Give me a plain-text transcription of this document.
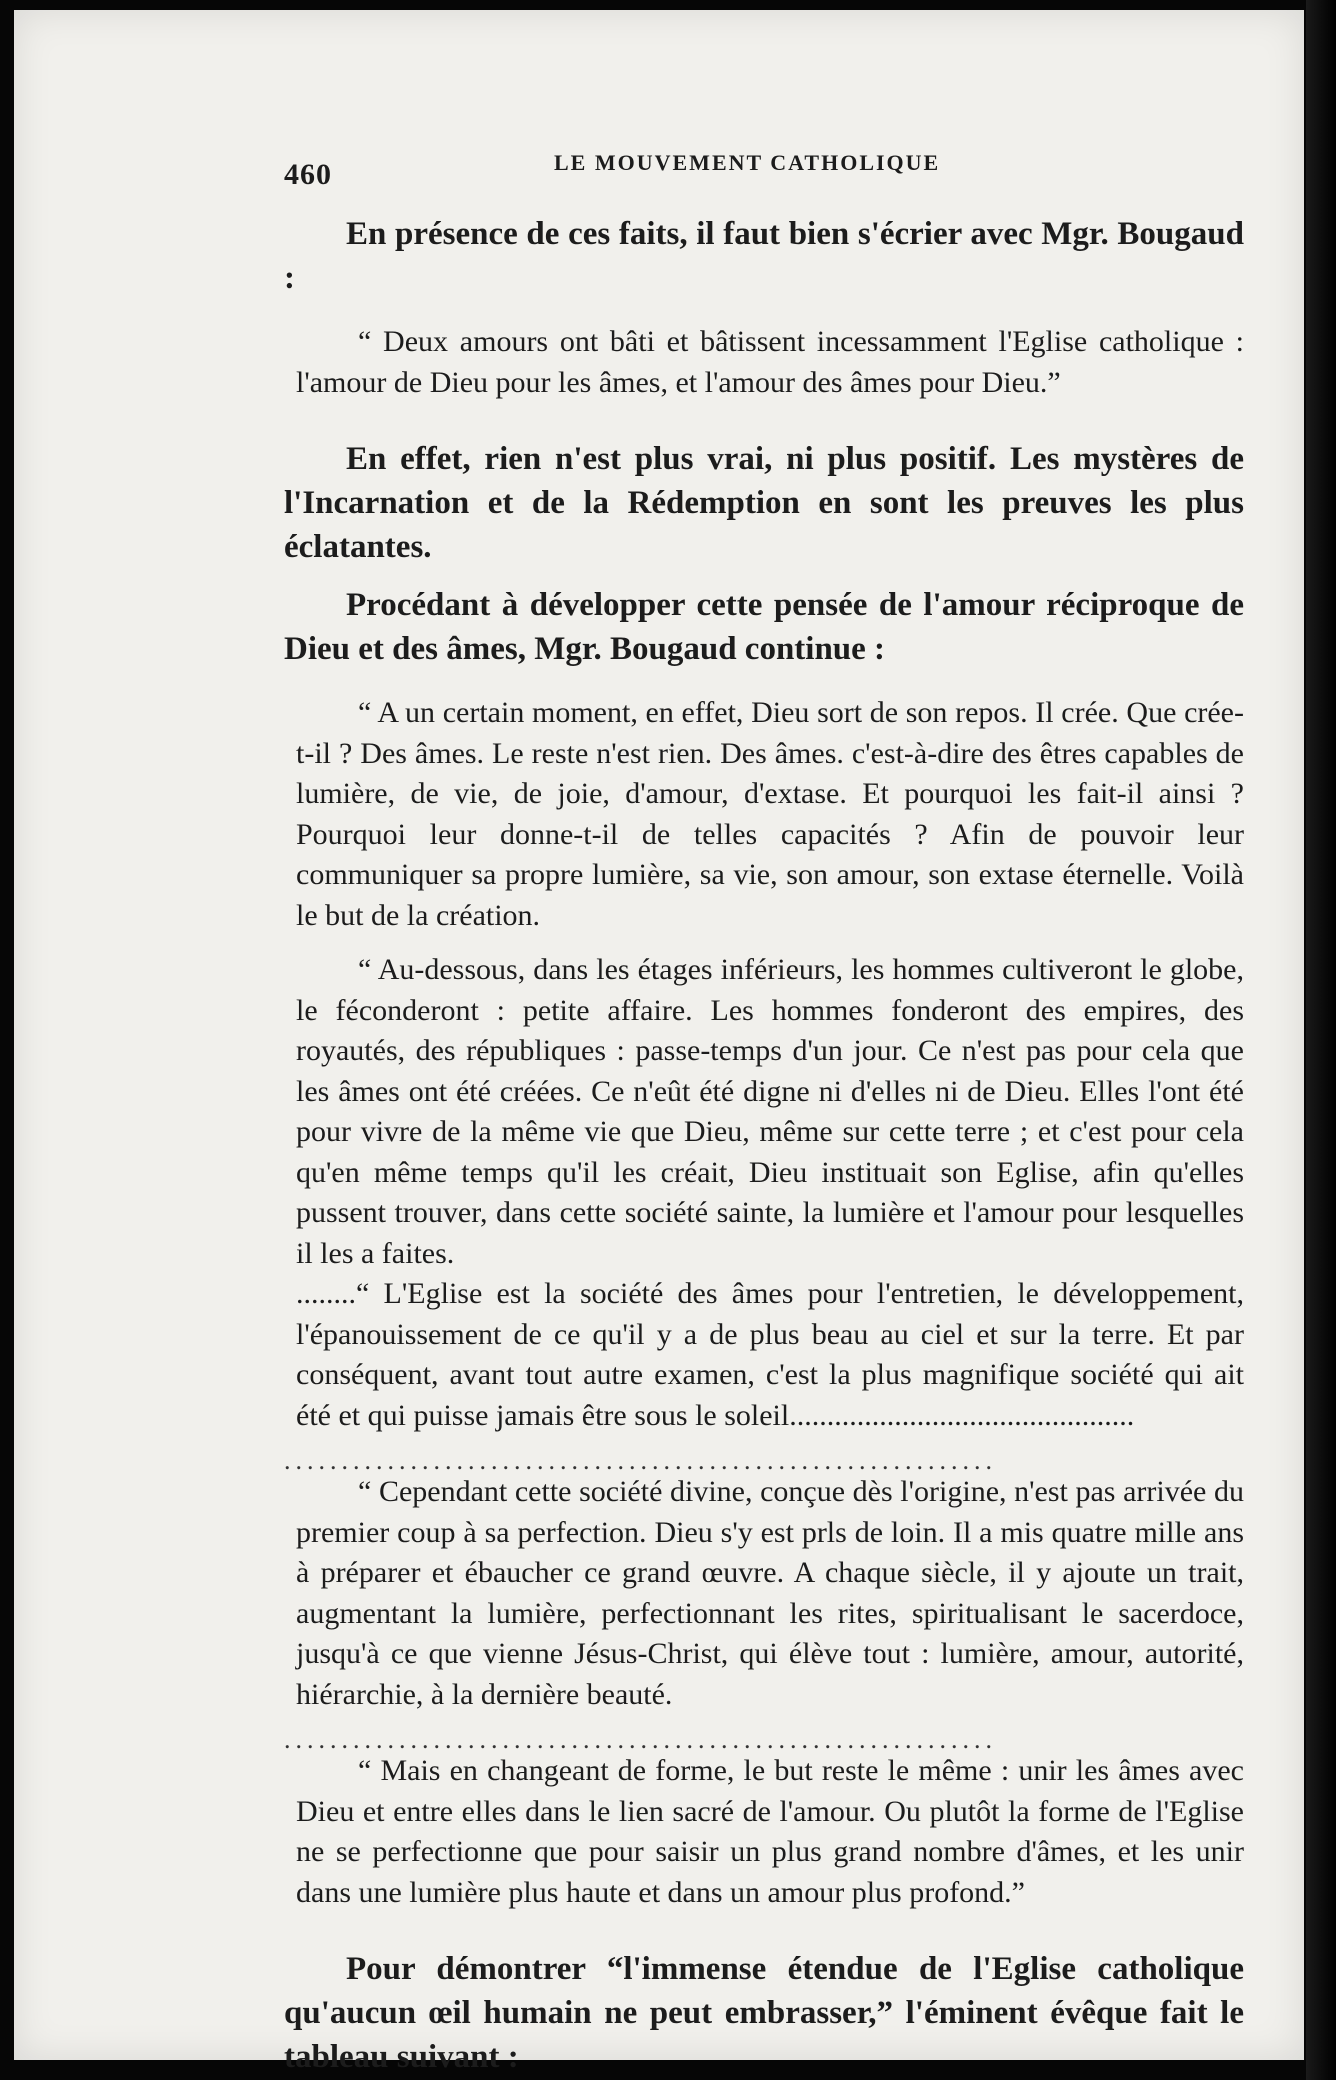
460	LE MOUVEMENT CATHOLIQUE

En présence de ces faits, il faut bien s'écrier avec Mgr. Bougaud :

“ Deux amours ont bâti et bâtissent incessamment l'Eglise catholique : l'amour de Dieu pour les âmes, et l'amour des âmes pour Dieu.”

En effet, rien n'est plus vrai, ni plus positif. Les mystères de l'Incarnation et de la Rédemption en sont les preuves les plus éclatantes.

Procédant à développer cette pensée de l'amour réciproque de Dieu et des âmes, Mgr. Bougaud continue :

“ A un certain moment, en effet, Dieu sort de son repos. Il crée. Que crée-t-il ? Des âmes. Le reste n'est rien. Des âmes. c'est-à-dire des êtres capables de lumière, de vie, de joie, d'amour, d'extase. Et pourquoi les fait-il ainsi ? Pourquoi leur donne-t-il de telles capacités ? Afin de pouvoir leur communiquer sa propre lumière, sa vie, son amour, son extase éternelle. Voilà le but de la création.

“ Au-dessous, dans les étages inférieurs, les hommes cultiveront le globe, le féconderont : petite affaire. Les hommes fonderont des empires, des royautés, des républiques : passe-temps d'un jour. Ce n'est pas pour cela que les âmes ont été créées. Ce n'eût été digne ni d'elles ni de Dieu. Elles l'ont été pour vivre de la même vie que Dieu, même sur cette terre ; et c'est pour cela qu'en même temps qu'il les créait, Dieu instituait son Eglise, afin qu'elles pussent trouver, dans cette société sainte, la lumière et l'amour pour lesquelles il les a faites.

........“ L'Eglise est la société des âmes pour l'entretien, le développement, l'épanouissement de ce qu'il y a de plus beau au ciel et sur la terre. Et par conséquent, avant tout autre examen, c'est la plus magnifique société qui ait été et qui puisse jamais être sous le soleil..............................................

..............................................................

“ Cependant cette société divine, conçue dès l'origine, n'est pas arrivée du premier coup à sa perfection. Dieu s'y est prls de loin. Il a mis quatre mille ans à préparer et ébaucher ce grand œuvre. A chaque siècle, il y ajoute un trait, augmentant la lumière, perfectionnant les rites, spiritualisant le sacerdoce, jusqu'à ce que vienne Jésus-Christ, qui élève tout : lumière, amour, autorité, hiérarchie, à la dernière beauté.

..............................................................

“ Mais en changeant de forme, le but reste le même : unir les âmes avec Dieu et entre elles dans le lien sacré de l'amour. Ou plutôt la forme de l'Eglise ne se perfectionne que pour saisir un plus grand nombre d'âmes, et les unir dans une lumière plus haute et dans un amour plus profond.”

Pour démontrer “l'immense étendue de l'Eglise catholique qu'aucun œil humain ne peut embrasser,” l'éminent évêque fait le tableau suivant :
